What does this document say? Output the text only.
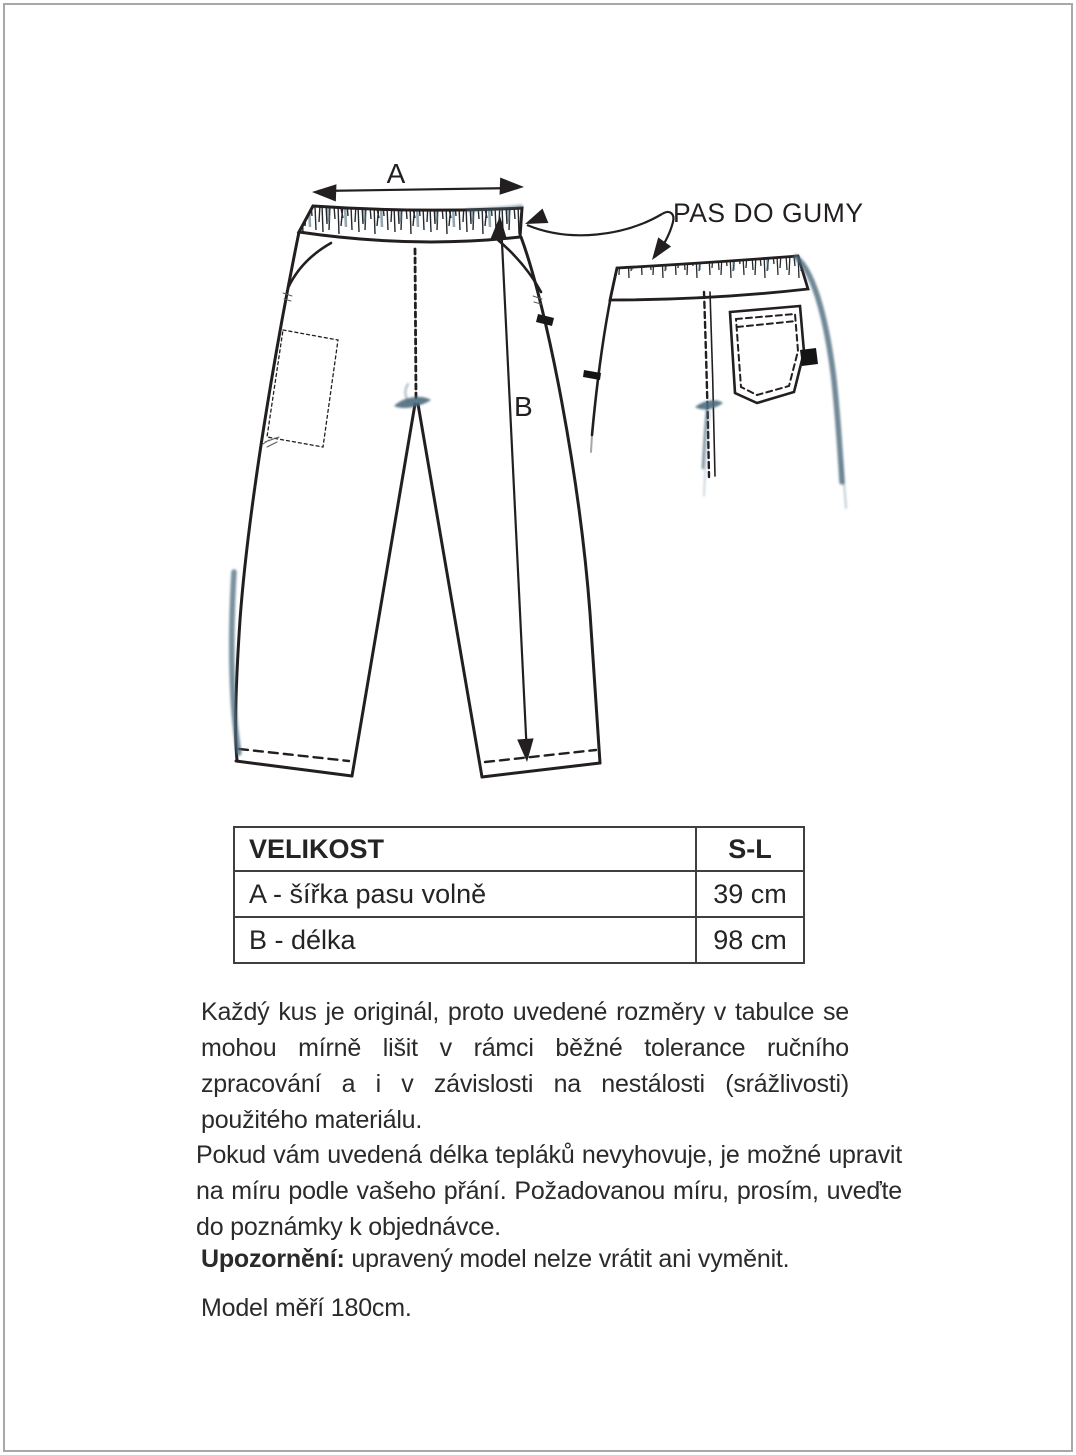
A
B
PAS DO GUMY
VELIKOST	S-L
A - šířka pasu volně	39 cm
B - délka	98 cm
Každý kus je originál, proto uvedené rozměry v tabulce se mohou mírně lišit v rámci běžné tolerance ručního zpracování a i v závislosti na nestálosti (srážlivosti) použitého materiálu.
Pokud vám uvedená délka tepláků nevyhovuje, je možné upravit na míru podle vašeho přání. Požadovanou míru, prosím, uveďte do poznámky k objednávce.
Upozornění: upravený model nelze vrátit ani vyměnit.
Model měří 180cm.
